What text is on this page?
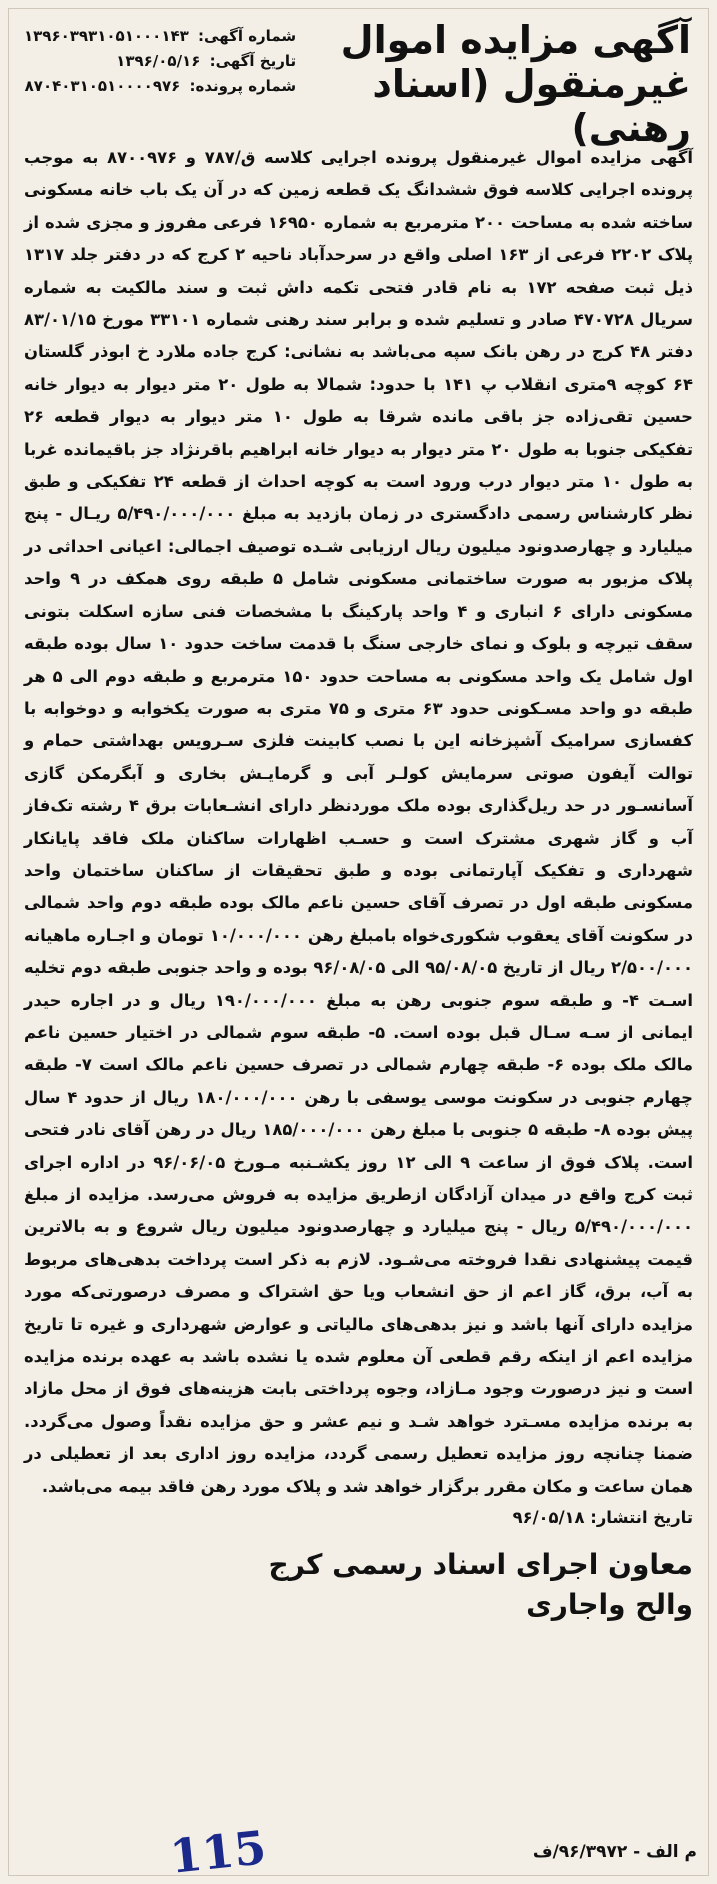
آگهی مزایده اموال
غیرمنقول (اسناد رهنی)
شماره آگهی: ۱۳۹۶۰۳۹۳۱۰۵۱۰۰۰۱۴۳
تاریخ آگهی: ۱۳۹۶/۰۵/۱۶
شماره پرونده: ۸۷۰۴۰۳۱۰۵۱۰۰۰۰۹۷۶

آگهی مزایده اموال غیرمنقول پرونده اجرایی کلاسه ق/۷۸۷ و ۸۷۰۰۹۷۶ به موجب پرونده اجرایی کلاسه فوق ششدانگ یک قطعه زمین که در آن یک باب خانه مسکونی ساخته شده به مساحت ۲۰۰ مترمربع به شماره ۱۶۹۵۰ فرعی مفروز و مجزی شده از پلاک ۲۲۰۲ فرعی از ۱۶۳ اصلی واقع در سرحدآباد ناحیه ۲ کرج که در دفتر جلد ۱۳۱۷ ذیل ثبت صفحه ۱۷۲ به نام قادر فتحی تکمه داش ثبت و سند مالکیت به شماره سریال ۴۷۰۷۲۸ صادر و تسلیم شده و برابر سند رهنی شماره ۳۳۱۰۱ مورخ ۸۳/۰۱/۱۵ دفتر ۴۸ کرج در رهن بانک سپه می‌باشد به نشانی: کرج جاده ملارد خ ابوذر گلستان ۶۴ کوچه ۹متری انقلاب پ ۱۴۱ با حدود: شمالا به طول ۲۰ متر دیوار به دیوار خانه حسین تقی‌زاده جز باقی مانده شرقا به طول ۱۰ متر دیوار به دیوار قطعه ۲۶ تفکیکی جنوبا به طول ۲۰ متر دیوار به دیوار خانه ابراهیم باقرنژاد جز باقیمانده غربا به طول ۱۰ متر دیوار درب ورود است به کوچه احداث از قطعه ۲۴ تفکیکی و طبق نظر کارشناس رسمی دادگستری در زمان بازدید به مبلغ ۵/۴۹۰/۰۰۰/۰۰۰ ریـال - پنج میلیارد و چهارصدونود میلیون ریال ارزیابی شـده توصیف اجمالی: اعیانی احداثی در پلاک مزبور به صورت ساختمانی مسکونی شامل ۵ طبقه روی همکف در ۹ واحد مسکونی دارای ۶ انباری و ۴ واحد پارکینگ با مشخصات فنی سازه اسکلت بتونی سقف تیرچه و بلوک و نمای خارجی سنگ با قدمت ساخت حدود ۱۰ سال بوده طبقه اول شامل یک واحد مسکونی به مساحت حدود ۱۵۰ مترمربع و طبقه دوم الی ۵ هر طبقه دو واحد مسـکونی حدود ۶۳ متری و ۷۵ متری به صورت یکخوابه و دوخوابه با کفسازی سرامیک آشپزخانه این با نصب کابینت فلزی سـرویس بهداشتی حمام و توالت آیفون صوتی سرمایش کولـر آبی و گرمایـش بخاری و آبگرمکن گازی آسانسـور در حد ریل‌گذاری بوده ملک موردنظر دارای انشـعابات برق ۴ رشته تک‌فاز آب و گاز شهری مشترک است و حسـب اظهارات ساکنان ملک فاقد پایانکار شهرداری و تفکیک آپارتمانی بوده و طبق تحقیقات از ساکنان ساختمان واحد مسکونی طبقه اول در تصرف آقای حسین ناعم مالک بوده طبقه دوم واحد شمالی در سکونت آقای یعقوب شکوری‌خواه بامبلغ رهن ۱۰/۰۰۰/۰۰۰ تومان و اجـاره ماهیانه ۲/۵۰۰/۰۰۰ ریال از تاریخ ۹۵/۰۸/۰۵ الی ۹۶/۰۸/۰۵ بوده و واحد جنوبی طبقه دوم تخلیه اسـت ۴- و طبقه سوم جنوبی رهن به مبلغ ۱۹۰/۰۰۰/۰۰۰ ریال و در اجاره حیدر ایمانی از سـه سـال قبل بوده است. ۵- طبقه سوم شمالی در اختیار حسین ناعم مالک ملک بوده ۶- طبقه چهارم شمالی در تصرف حسین ناعم مالک است ۷- طبقه چهارم جنوبی در سکونت موسی یوسفی با رهن ۱۸۰/۰۰۰/۰۰۰ ریال از حدود ۴ سال پیش بوده ۸- طبقه ۵ جنوبی با مبلغ رهن ۱۸۵/۰۰۰/۰۰۰ ریال در رهن آقای نادر فتحی است. پلاک فوق از ساعت ۹ الی ۱۲ روز یکشـنبه مـورخ ۹۶/۰۶/۰۵ در اداره اجرای ثبت کرج واقع در میدان آزادگان ازطریق مزایده به فروش می‌رسد. مزایده از مبلغ ۵/۴۹۰/۰۰۰/۰۰۰ ریال - پنج میلیارد و چهارصدونود میلیون ریال شروع و به بالاترین قیمت پیشنهادی نقدا فروخته می‌شـود. لازم به ذکر است پرداخت بدهی‌های مربوط به آب، برق، گاز اعم از حق انشعاب ویا حق اشتراک و مصرف درصورتی‌که مورد مزایده دارای آنها باشد و نیز بدهی‌های مالیاتی و عوارض شهرداری و غیره تا تاریخ مزایده اعم از اینکه رقم قطعی آن معلوم شده یا نشده باشد به عهده برنده مزایده است و نیز درصورت وجود مـازاد، وجوه پرداختی بابت هزینه‌های فوق از محل مازاد به برنده مزایده مسـترد خواهد شـد و نیم عشر و حق مزایده نقداً وصول می‌گردد. ضمنا چنانچه روز مزایده تعطیل رسمی گردد، مزایده روز اداری بعد از تعطیلی در همان ساعت و مکان مقرر برگزار خواهد شد و پلاک مورد رهن فاقد بیمه می‌باشد.

تاریخ انتشار: ۹۶/۰۵/۱۸
معاون اجرای اسناد رسمی کرج
والح واجاری
م الف - ۹۶/۳۹۷۲/ف
115
